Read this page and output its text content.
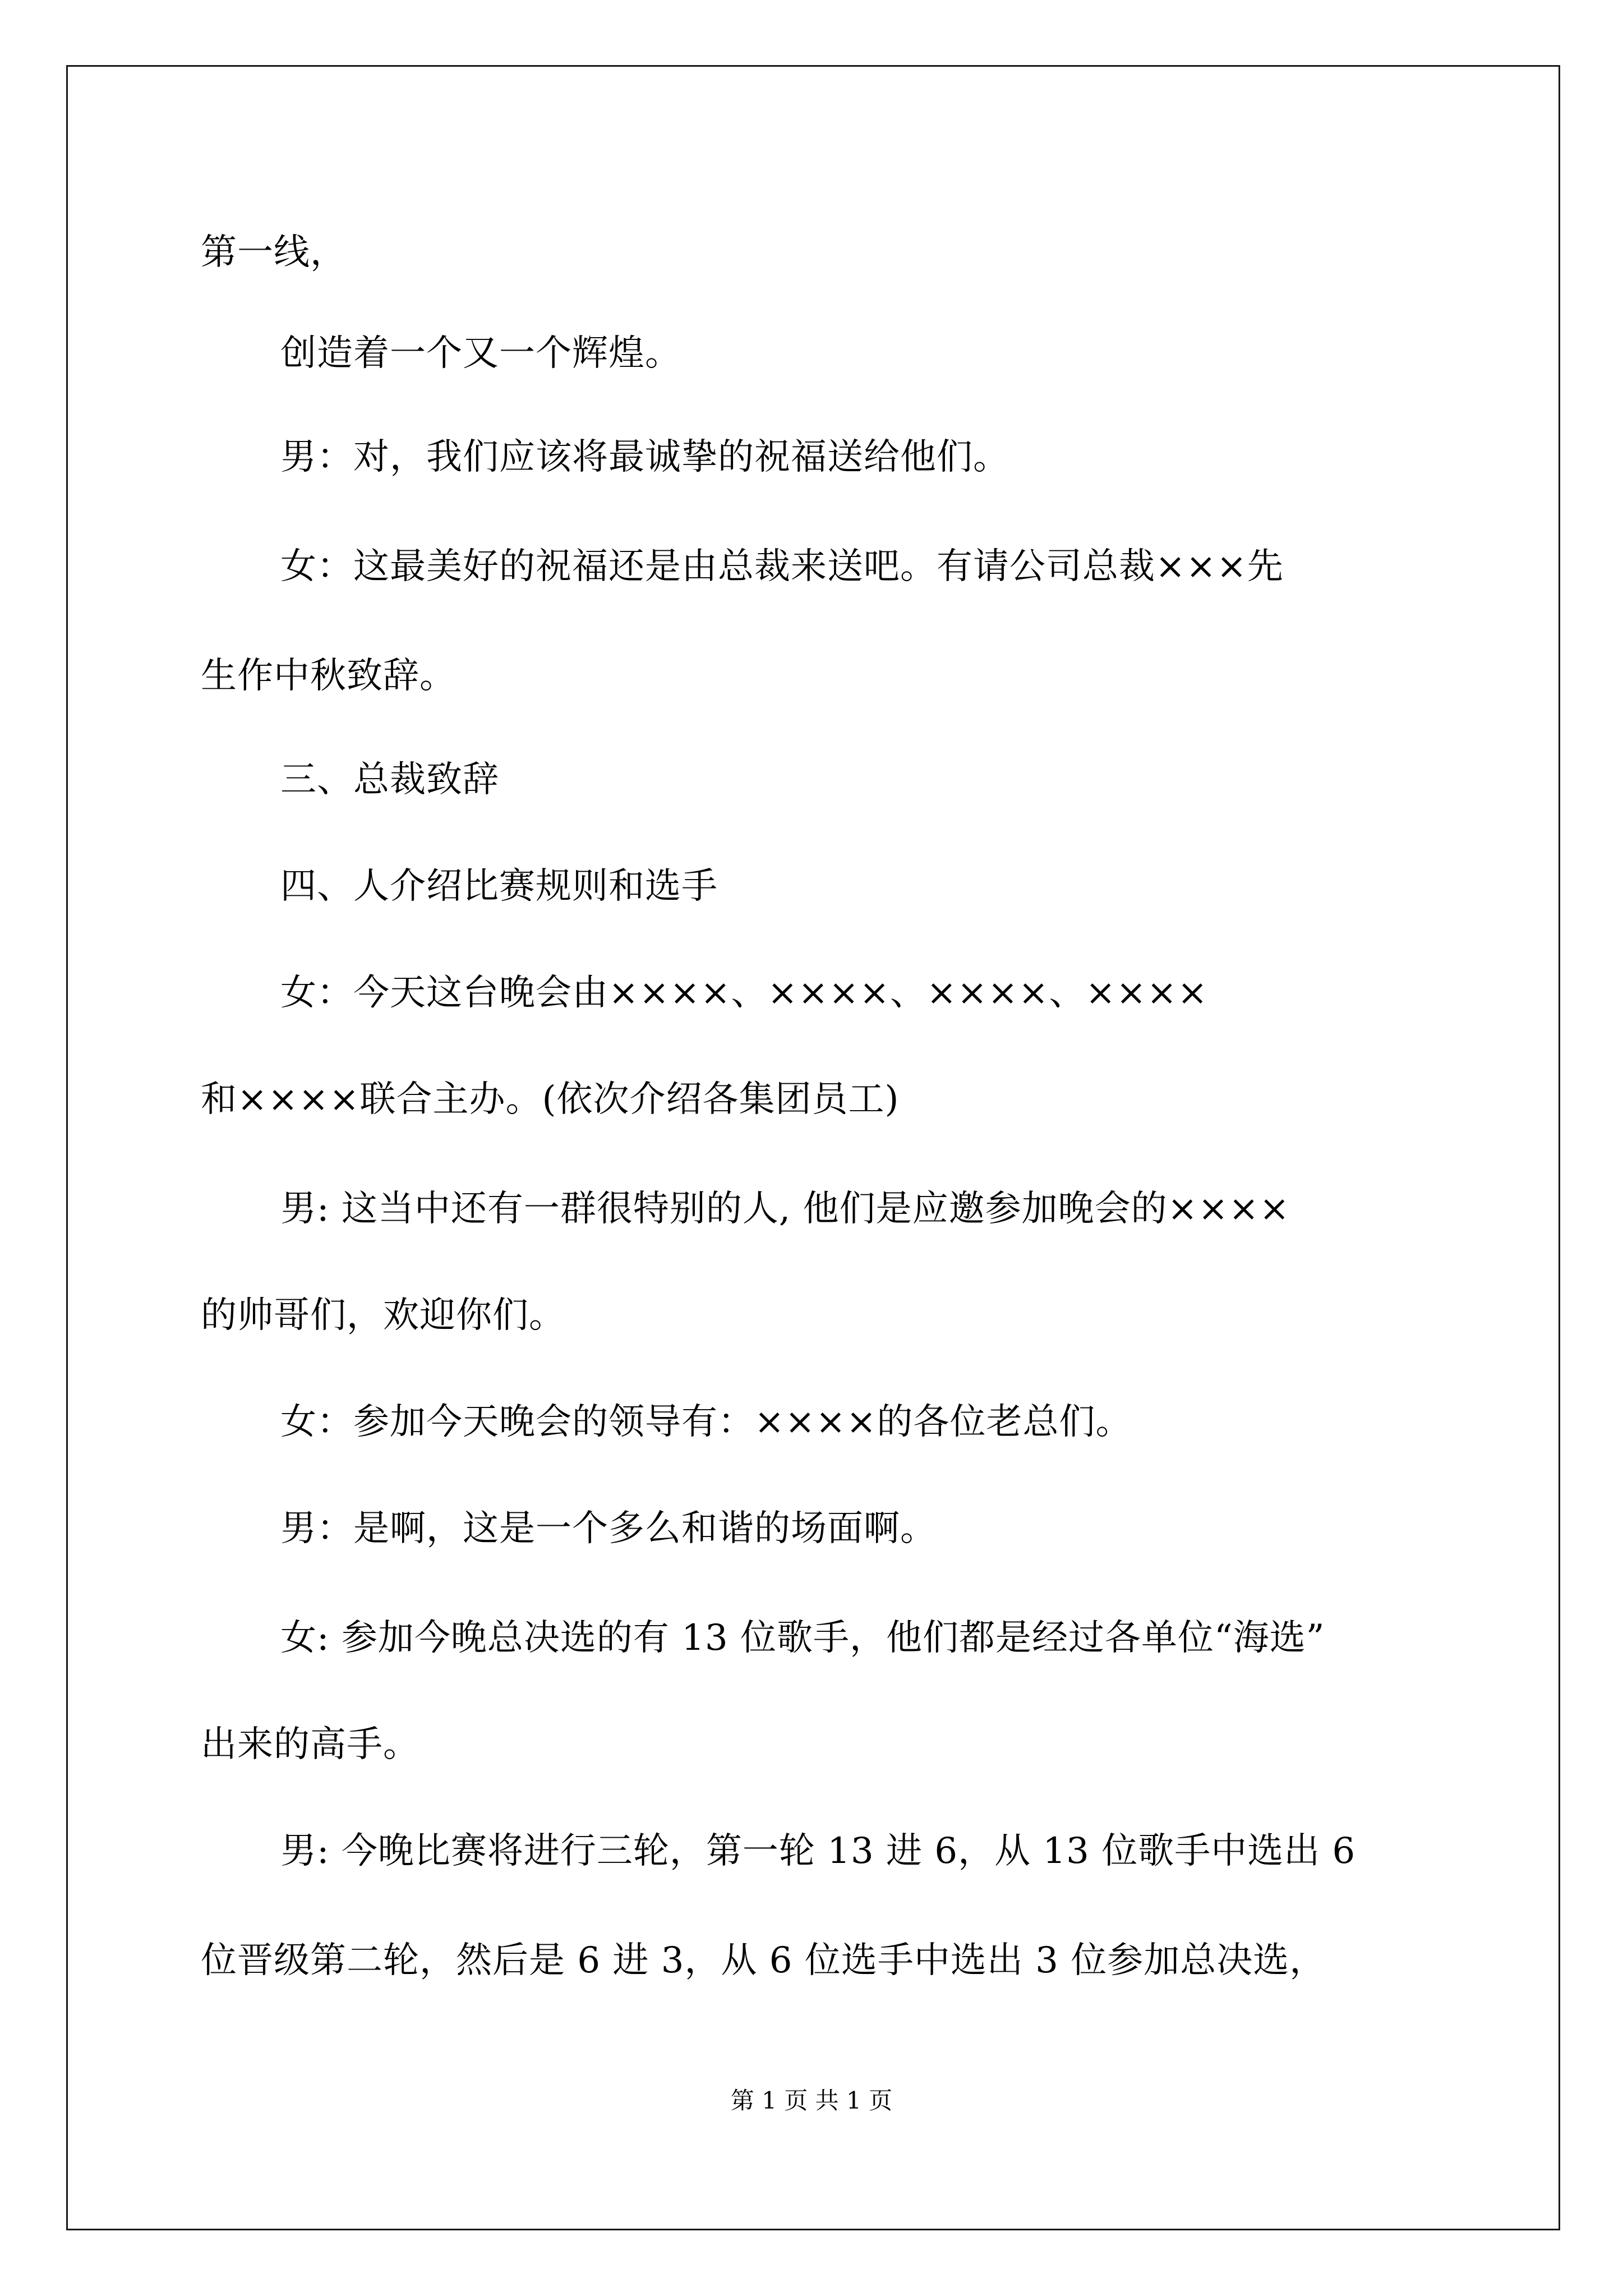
第一线，
创造着一个又一个辉煌。
男：对，我们应该将最诚挚的祝福送给他们。
女：这最美好的祝福还是由总裁来送吧。有请公司总裁×××先
生作中秋致辞。
三、总裁致辞
四、人介绍比赛规则和选手
女：今天这台晚会由××××、××××、××××、××××
和××××联合主办。(依次介绍各集团员工)
男: 这当中还有一群很特别的人, 他们是应邀参加晚会的××××
的帅哥们，欢迎你们。
女：参加今天晚会的领导有：××××的各位老总们。
男：是啊，这是一个多么和谐的场面啊。
女: 参加今晚总决选的有 13 位歌手，他们都是经过各单位“海选”
出来的高手。
男: 今晚比赛将进行三轮，第一轮 13 进 6，从 13 位歌手中选出 6
位晋级第二轮，然后是 6 进 3，从 6 位选手中选出 3 位参加总决选，
第 1 页 共 1 页
